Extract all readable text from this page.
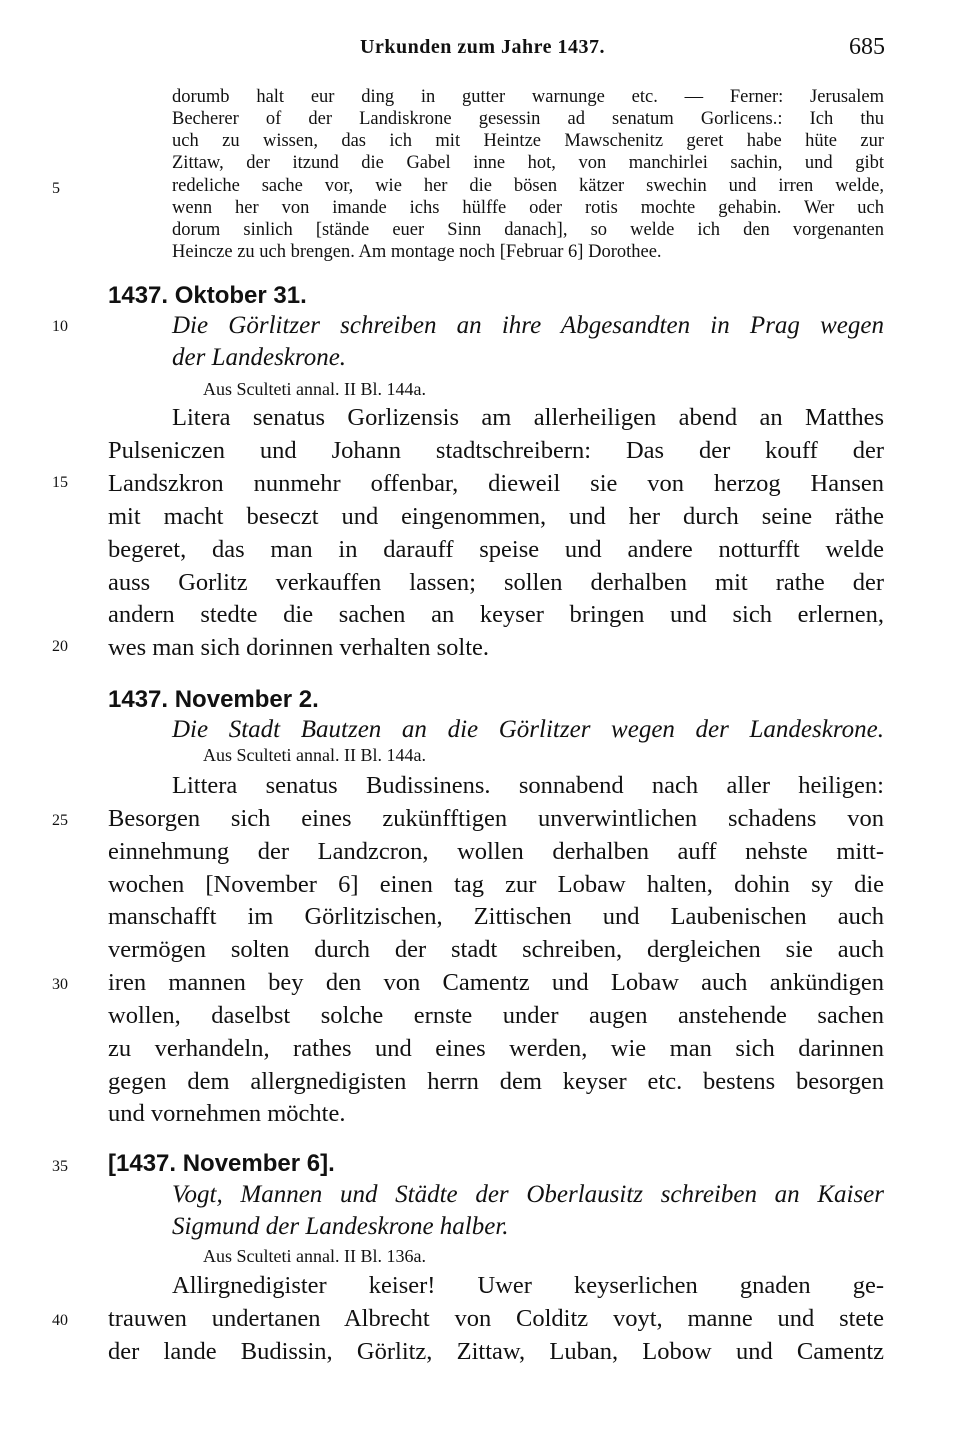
Urkunden zum Jahre 1437.	685
5
10
15
20
25
30
35
40
dorumb halt eur ding in gutter warnunge etc. — Ferner: Jerusalem
Becherer of der Landiskrone gesessin ad senatum Gorlicens.: Ich thu
uch zu wissen, das ich mit Heintze Mawschenitz geret habe hüte zur
Zittaw, der itzund die Gabel inne hot, von manchirlei sachin, und gibt
redeliche sache vor, wie her die bösen kätzer swechin und irren welde,
wenn her von imande ichs hülffe oder rotis mochte gehabin. Wer uch
dorum sinlich [stände euer Sinn danach], so welde ich den vorgenanten
Heincze zu uch brengen. Am montage noch [Februar 6] Dorothee.
1437. Oktober 31.
Die Görlitzer schreiben an ihre Abgesandten in Prag wegen
der Landeskrone.
Aus Sculteti annal. II Bl. 144a.
Litera senatus Gorlizensis am allerheiligen abend an Matthes
Pulseniczen und Johann stadtschreibern: Das der kouff der
Landszkron nunmehr offenbar, dieweil sie von herzog Hansen
mit macht beseczt und eingenommen, und her durch seine räthe
begeret, das man in darauff speise und andere notturfft welde
auss Gorlitz verkauffen lassen; sollen derhalben mit rathe der
andern stedte die sachen an keyser bringen und sich erlernen,
wes man sich dorinnen verhalten solte.
1437. November 2.
Die Stadt Bautzen an die Görlitzer wegen der Landeskrone.
Aus Sculteti annal. II Bl. 144a.
Littera senatus Budissinens. sonnabend nach aller heiligen:
Besorgen sich eines zukünfftigen unverwintlichen schadens von
einnehmung der Landzcron, wollen derhalben auff nehste mitt-
wochen [November 6] einen tag zur Lobaw halten, dohin sy die
manschafft im Görlitzischen, Zittischen und Laubenischen auch
vermögen solten durch der stadt schreiben, dergleichen sie auch
iren mannen bey den von Camentz und Lobaw auch ankündigen
wollen, daselbst solche ernste under augen anstehende sachen
zu verhandeln, rathes und eines werden, wie man sich darinnen
gegen dem allergnedigisten herrn dem keyser etc. bestens besorgen
und vornehmen möchte.
[1437. November 6].
Vogt, Mannen und Städte der Oberlausitz schreiben an Kaiser
Sigmund der Landeskrone halber.
Aus Sculteti annal. II Bl. 136a.
Allirgnedigister keiser! Uwer keyserlichen gnaden ge-
trauwen undertanen Albrecht von Colditz voyt, manne und stete
der lande Budissin, Görlitz, Zittaw, Luban, Lobow und Camentz
